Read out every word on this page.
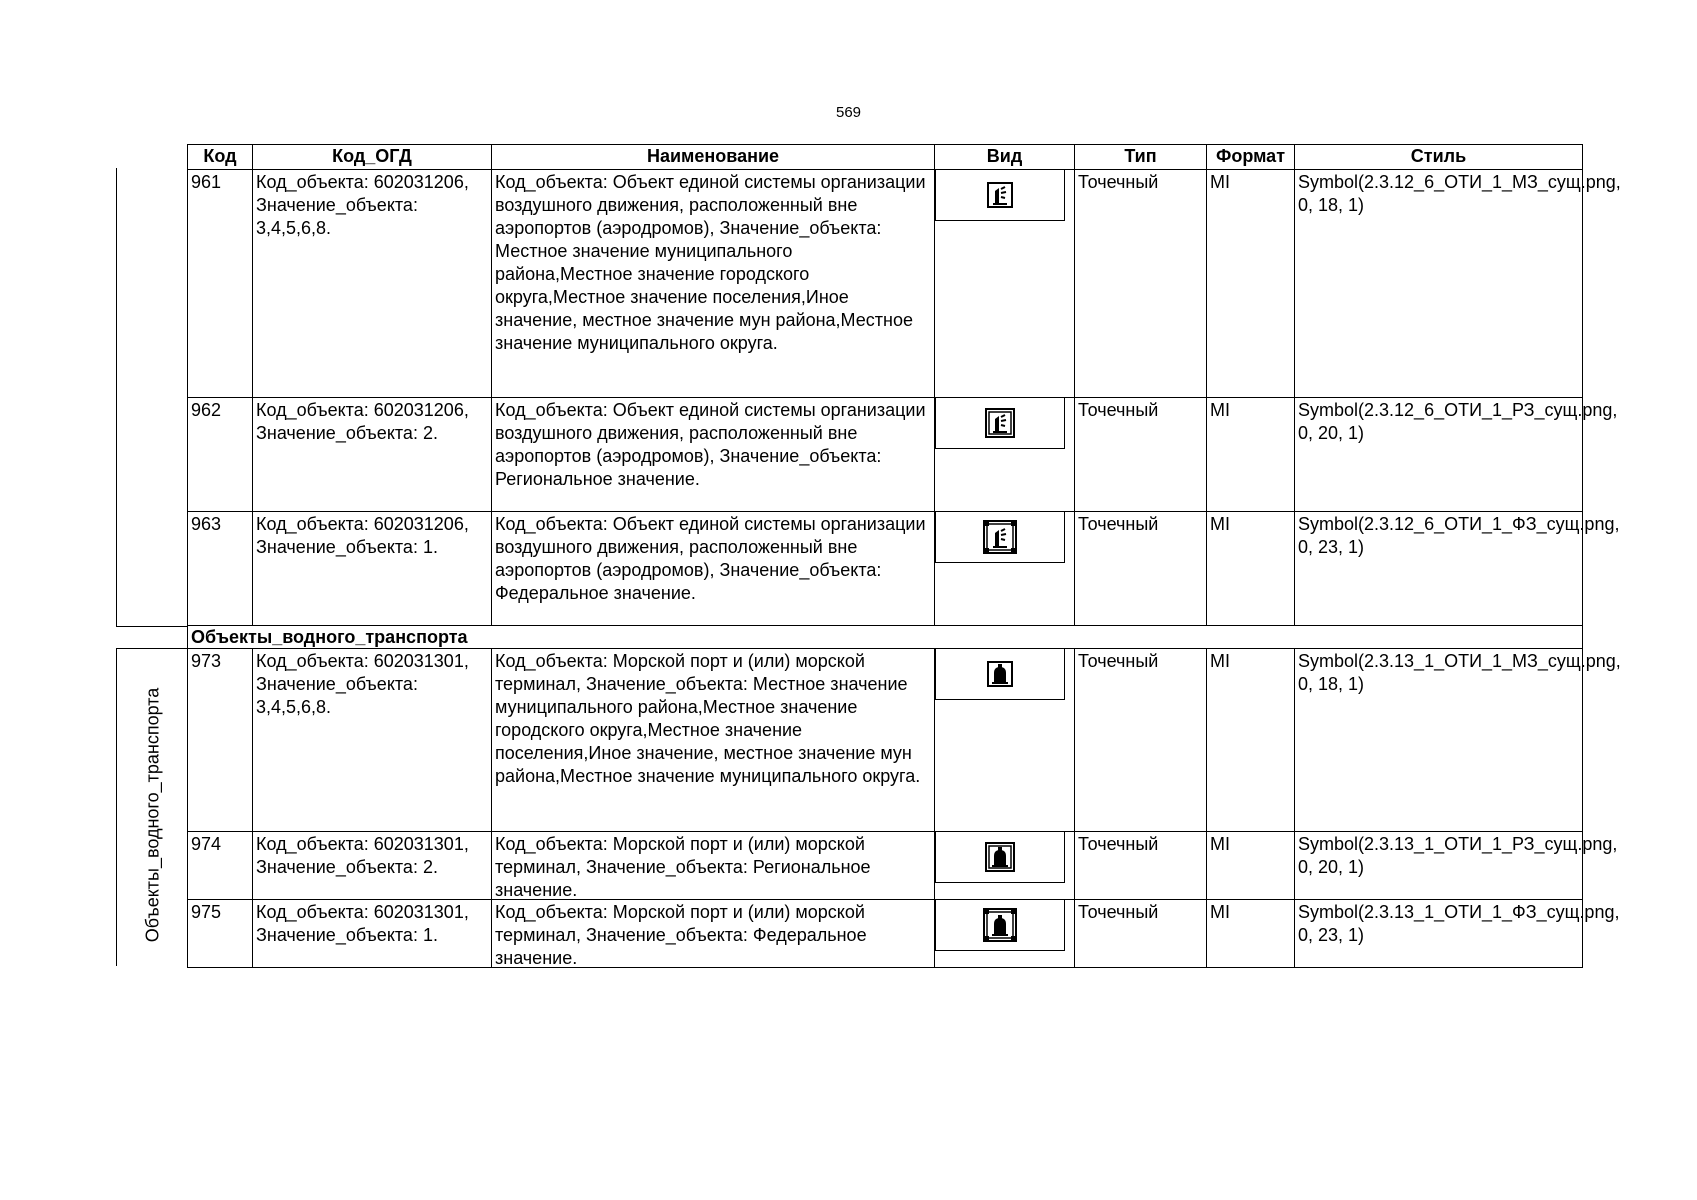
569
Объекты_водного_транспорта
Код	Код_ОГД	Наименование	Вид	Тип	Формат	Стиль
961	Код_объекта: 602031206, Значение_объекта: 3,4,5,6,8.	Код_объекта: Объект единой системы организации воздушного движения, расположенный вне аэропортов (аэродромов), Значение_объекта: Местное значение муниципального района,Местное значение городского округа,Местное значение поселения,Иное значение, местное значение мун района,Местное значение муниципального округа.		Точечный	MI	Symbol(2.3.12_6_ОТИ_1_МЗ_сущ.png, 0, 18, 1)
962	Код_объекта: 602031206, Значение_объекта: 2.	Код_объекта: Объект единой системы организации воздушного движения, расположенный вне аэропортов (аэродромов), Значение_объекта: Региональное значение.		Точечный	MI	Symbol(2.3.12_6_ОТИ_1_РЗ_сущ.png, 0, 20, 1)
963	Код_объекта: 602031206, Значение_объекта: 1.	Код_объекта: Объект единой системы организации воздушного движения, расположенный вне аэропортов (аэродромов), Значение_объекта: Федеральное значение.		Точечный	MI	Symbol(2.3.12_6_ОТИ_1_ФЗ_сущ.png, 0, 23, 1)
Объекты_водного_транспорта						
973	Код_объекта: 602031301, Значение_объекта: 3,4,5,6,8.	Код_объекта: Морской порт и (или) морской терминал, Значение_объекта: Местное значение муниципального района,Местное значение городского округа,Местное значение поселения,Иное значение, местное значение мун района,Местное значение муниципального округа.		Точечный	MI	Symbol(2.3.13_1_ОТИ_1_МЗ_сущ.png, 0, 18, 1)
974	Код_объекта: 602031301, Значение_объекта: 2.	Код_объекта: Морской порт и (или) морской терминал, Значение_объекта: Региональное значение.		Точечный	MI	Symbol(2.3.13_1_ОТИ_1_РЗ_сущ.png, 0, 20, 1)
975	Код_объекта: 602031301, Значение_объекта: 1.	Код_объекта: Морской порт и (или) морской терминал, Значение_объекта: Федеральное значение.		Точечный	MI	Symbol(2.3.13_1_ОТИ_1_ФЗ_сущ.png, 0, 23, 1)
